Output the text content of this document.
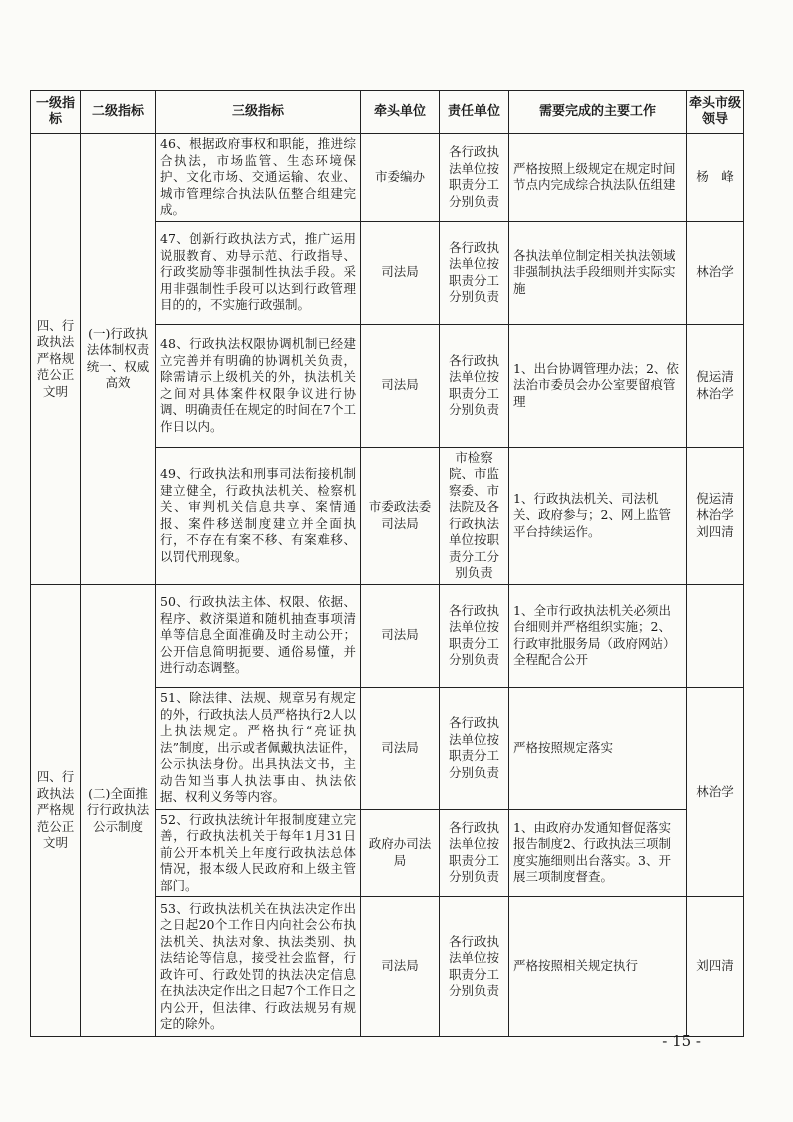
一级指标	二级指标	三级指标	牵头单位	责任单位	需要完成的主要工作	牵头市级领导
四、行政执法严格规范公正文明	(一)行政执法体制权责统一、权威高效	46、根据政府事权和职能，推进综合执法，市场监管、生态环境保护、文化市场、交通运输、农业、城市管理综合执法队伍整合组建完成。	市委编办	各行政执法单位按职责分工分别负责	严格按照上级规定在规定时间节点内完成综合执法队伍组建	杨　峰
		47、创新行政执法方式，推广运用说服教育、劝导示范、行政指导、行政奖励等非强制性执法手段。采用非强制性手段可以达到行政管理目的的，不实施行政强制。	司法局	各行政执法单位按职责分工分别负责	各执法单位制定相关执法领域非强制执法手段细则并实际实施	林治学
		48、行政执法权限协调机制已经建立完善并有明确的协调机关负责，除需请示上级机关的外，执法机关之间对具体案件权限争议进行协调、明确责任在规定的时间在7个工作日以内。	司法局	各行政执法单位按职责分工分别负责	1、出台协调管理办法；2、依法治市委员会办公室要留痕管理	倪运清林治学
		49、行政执法和刑事司法衔接机制建立健全，行政执法机关、检察机关、审判机关信息共享、案情通报、案件移送制度建立并全面执行，不存在有案不移、有案难移、以罚代刑现象。	市委政法委司法局	市检察院、市监察委、市法院及各行政执法单位按职责分工分别负责	1、行政执法机关、司法机关、政府参与；2、网上监管平台持续运作。	倪运清林治学刘四清
四、行政执法严格规范公正文明	(二)全面推行行政执法公示制度	50、行政执法主体、权限、依据、程序、救济渠道和随机抽查事项清单等信息全面准确及时主动公开；公开信息简明扼要、通俗易懂，并进行动态调整。	司法局	各行政执法单位按职责分工分别负责	1、全市行政执法机关必须出台细则并严格组织实施；2、行政审批服务局（政府网站）全程配合公开	
		51、除法律、法规、规章另有规定的外，行政执法人员严格执行2人以上执法规定。严格执行“亮证执法”制度，出示或者佩戴执法证件，公示执法身份。出具执法文书，主动告知当事人执法事由、执法依据、权利义务等内容。	司法局	各行政执法单位按职责分工分别负责	严格按照规定落实	林治学
		52、行政执法统计年报制度建立完善，行政执法机关于每年1月31日前公开本机关上年度行政执法总体情况，报本级人民政府和上级主管部门。	政府办司法局	各行政执法单位按职责分工分别负责	1、由政府办发通知督促落实报告制度2、行政执法三项制度实施细则出台落实。3、开展三项制度督查。	
		53、行政执法机关在执法决定作出之日起20个工作日内向社会公布执法机关、执法对象、执法类别、执法结论等信息，接受社会监督，行政许可、行政处罚的执法决定信息在执法决定作出之日起7个工作日之内公开，但法律、行政法规另有规定的除外。	司法局	各行政执法单位按职责分工分别负责	严格按照相关规定执行	刘四清
- 15 -
